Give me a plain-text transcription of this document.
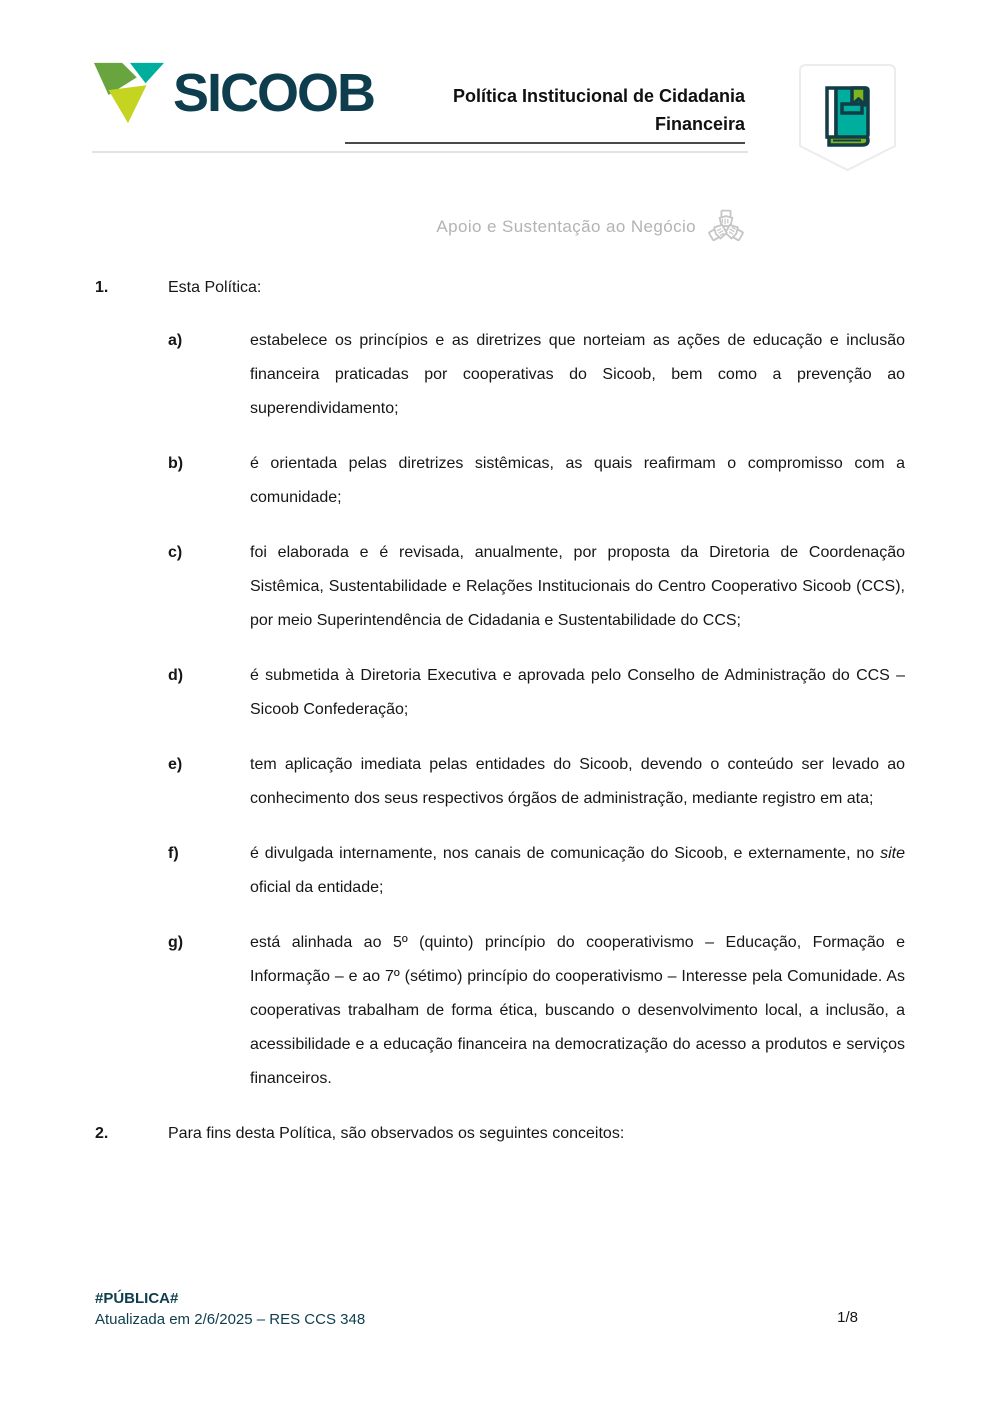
SICOOB	Política Institucional de Cidadania
Financeira
Apoio e Sustentação ao Negócio
1.	Esta Política:
a)	estabelece os princípios e as diretrizes que norteiam as ações de educação e inclusão financeira praticadas por cooperativas do Sicoob, bem como a prevenção ao superendividamento;

b)	é orientada pelas diretrizes sistêmicas, as quais reafirmam o compromisso com a comunidade;

c)	foi elaborada e é revisada, anualmente, por proposta da Diretoria de Coordenação Sistêmica, Sustentabilidade e Relações Institucionais do Centro Cooperativo Sicoob (CCS), por meio Superintendência de Cidadania e Sustentabilidade do CCS;

d)	é submetida à Diretoria Executiva e aprovada pelo Conselho de Administração do CCS – Sicoob Confederação;

e)	tem aplicação imediata pelas entidades do Sicoob, devendo o conteúdo ser levado ao conhecimento dos seus respectivos órgãos de administração, mediante registro em ata;

f)	é divulgada internamente, nos canais de comunicação do Sicoob, e externamente, no site oficial da entidade;

g)	está alinhada ao 5º (quinto) princípio do cooperativismo – Educação, Formação e Informação – e ao 7º (sétimo) princípio do cooperativismo – Interesse pela Comunidade. As cooperativas trabalham de forma ética, buscando o desenvolvimento local, a inclusão, a acessibilidade e a educação financeira na democratização do acesso a produtos e serviços financeiros.

2.	Para fins desta Política, são observados os seguintes conceitos:
#PÚBLICA#
Atualizada em 2/6/2025 – RES CCS 348	1/8
